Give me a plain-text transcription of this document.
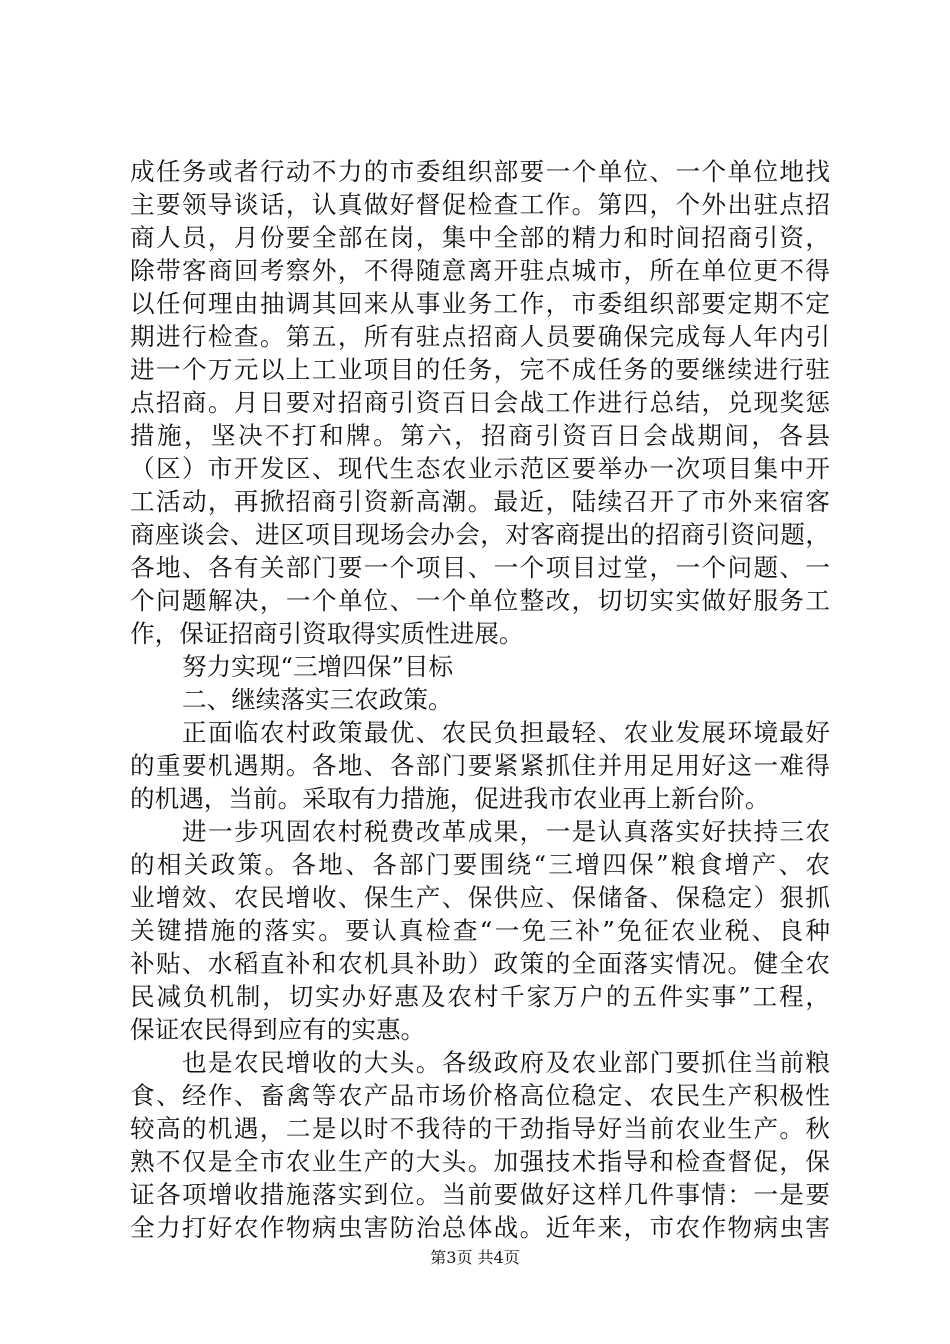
成任务或者行动不力的市委组织部要一个单位、一个单位地找
主要领导谈话，认真做好督促检查工作。第四，个外出驻点招
商人员，月份要全部在岗，集中全部的精力和时间招商引资，
除带客商回考察外，不得随意离开驻点城市，所在单位更不得
以任何理由抽调其回来从事业务工作，市委组织部要定期不定
期进行检查。第五，所有驻点招商人员要确保完成每人年内引
进一个万元以上工业项目的任务，完不成任务的要继续进行驻
点招商。月日要对招商引资百日会战工作进行总结，兑现奖惩
措施，坚决不打和牌。第六，招商引资百日会战期间，各县
（区）市开发区、现代生态农业示范区要举办一次项目集中开
工活动，再掀招商引资新高潮。最近，陆续召开了市外来宿客
商座谈会、进区项目现场会办会，对客商提出的招商引资问题，
各地、各有关部门要一个项目、一个项目过堂，一个问题、一
个问题解决，一个单位、一个单位整改，切切实实做好服务工
作，保证招商引资取得实质性进展。
努力实现“三增四保”目标
二、继续落实三农政策。
正面临农村政策最优、农民负担最轻、农业发展环境最好
的重要机遇期。各地、各部门要紧紧抓住并用足用好这一难得
的机遇，当前。采取有力措施，促进我市农业再上新台阶。
进一步巩固农村税费改革成果，一是认真落实好扶持三农
的相关政策。各地、各部门要围绕“三增四保”粮食增产、农
业增效、农民增收、保生产、保供应、保储备、保稳定）狠抓
关键措施的落实。要认真检查“一免三补”免征农业税、良种
补贴、水稻直补和农机具补助）政策的全面落实情况。健全农
民减负机制，切实办好惠及农村千家万户的五件实事”工程，
保证农民得到应有的实惠。
也是农民增收的大头。各级政府及农业部门要抓住当前粮
食、经作、畜禽等农产品市场价格高位稳定、农民生产积极性
较高的机遇，二是以时不我待的干劲指导好当前农业生产。秋
熟不仅是全市农业生产的大头。加强技术指导和检查督促，保
证各项增收措施落实到位。当前要做好这样几件事情：一是要
全力打好农作物病虫害防治总体战。近年来，市农作物病虫害
第3页 共4页
